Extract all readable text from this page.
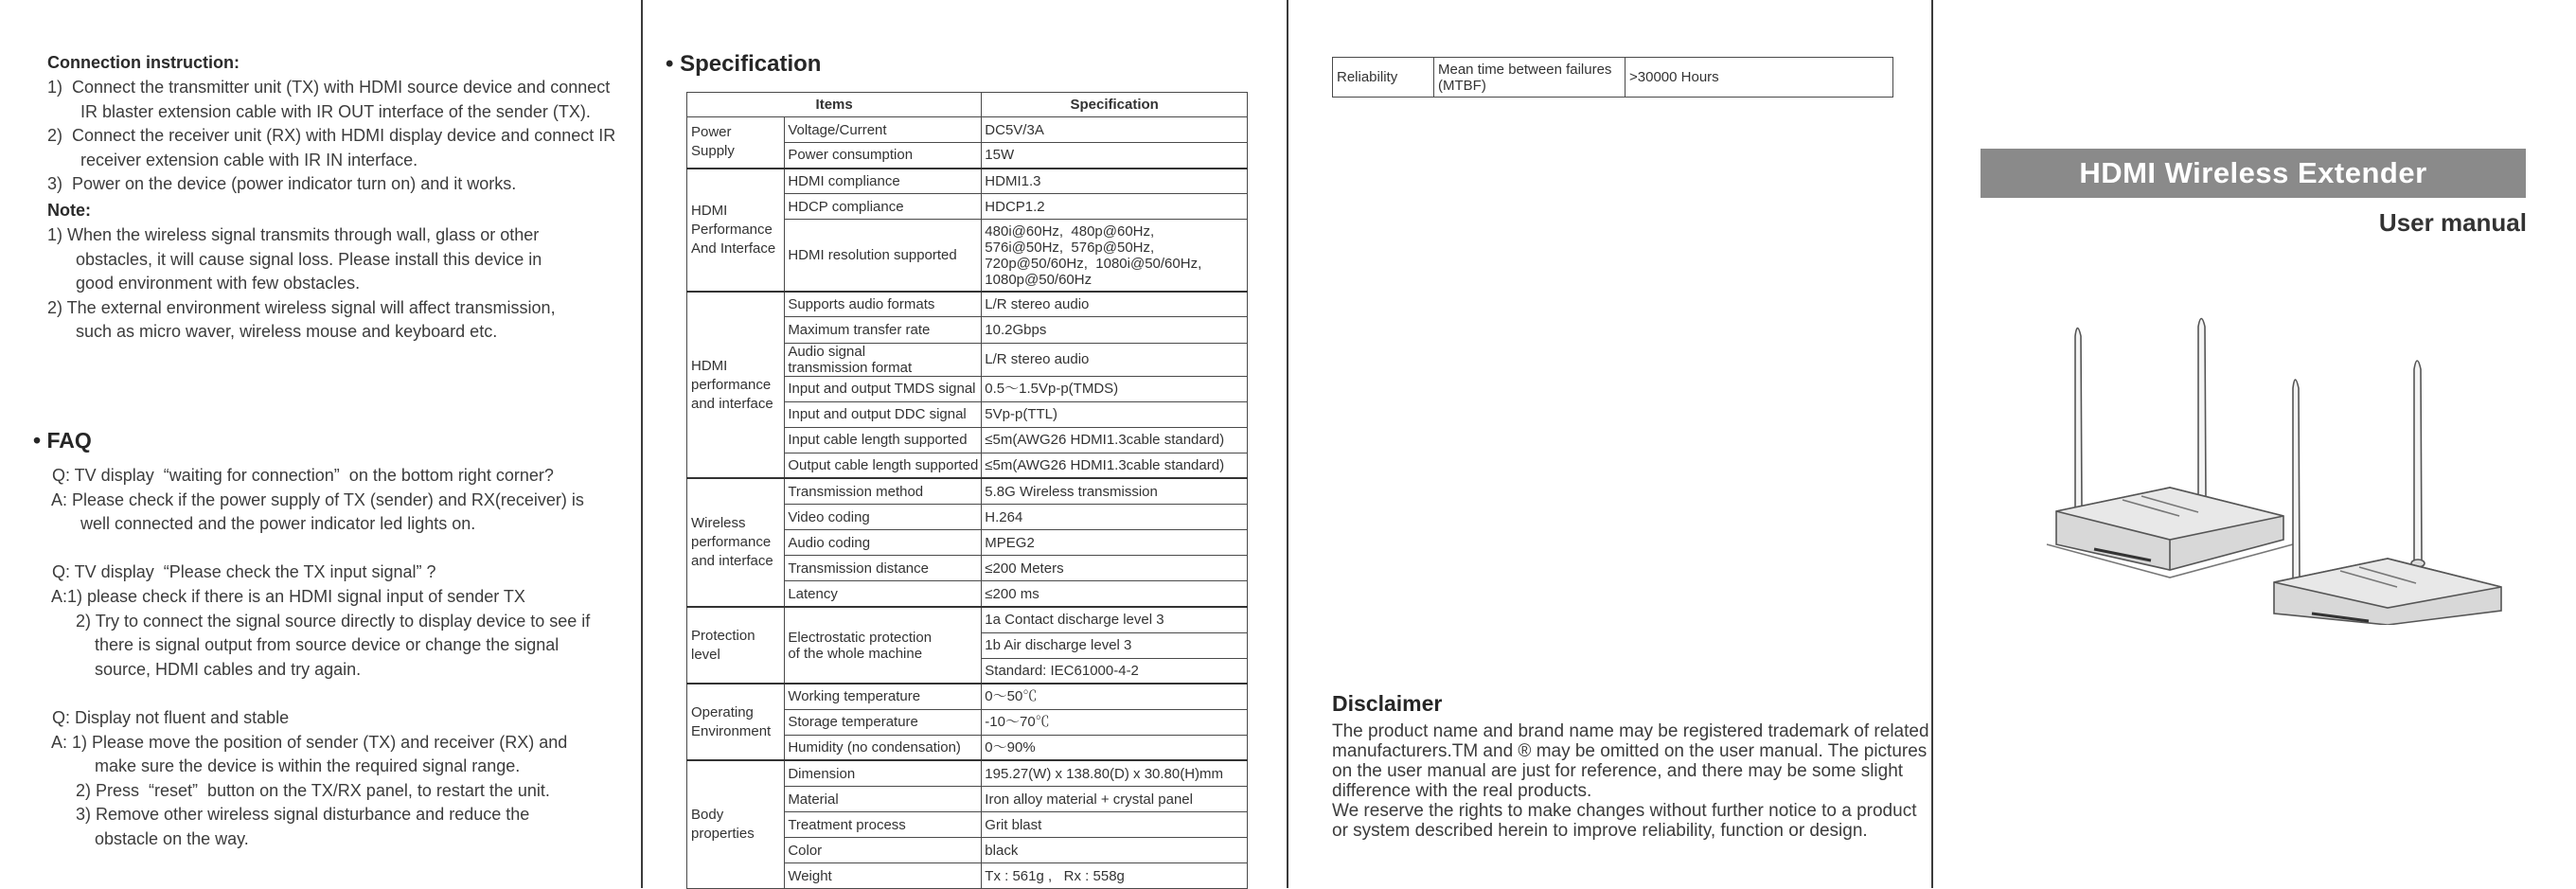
Connection instruction:
1)  Connect the transmitter unit (TX) with HDMI source device and connect
IR blaster extension cable with IR OUT interface of the sender (TX).
2)  Connect the receiver unit (RX) with HDMI display device and connect IR
receiver extension cable with IR IN interface.
3)  Power on the device (power indicator turn on) and it works.
Note:
1) When the wireless signal transmits through wall, glass or other
obstacles, it will cause signal loss. Please install this device in
good environment with few obstacles.
2) The external environment wireless signal will affect transmission,
such as micro waver, wireless mouse and keyboard etc.
• FAQ
Q: TV display  “waiting for connection”  on the bottom right corner?
A: Please check if the power supply of TX (sender) and RX(receiver) is
well connected and the power indicator led lights on.
Q: TV display  “Please check the TX input signal” ?
A:1) please check if there is an HDMI signal input of sender TX
2) Try to connect the signal source directly to display device to see if
there is signal output from source device or change the signal
source, HDMI cables and try again.
Q: Display not fluent and stable
A: 1) Please move the position of sender (TX) and receiver (RX) and
make sure the device is within the required signal range.
2) Press  “reset”  button on the TX/RX panel, to restart the unit.
3) Remove other wireless signal disturbance and reduce the
obstacle on the way.
• Specification
Items		Specification
Power
Supply	Voltage/Current	DC5V/3A
	Power consumption	15W
HDMI
Performance
And Interface	HDMI compliance	HDMI1.3
	HDCP compliance	HDCP1.2
	HDMI resolution supported	480i@60Hz,  480p@60Hz,
576i@50Hz,  576p@50Hz,
720p@50/60Hz,  1080i@50/60Hz,
1080p@50/60Hz
HDMI
performance
and interface	Supports audio formats	L/R stereo audio
	Maximum transfer rate	10.2Gbps
	Audio signal
transmission format	L/R stereo audio
	Input and output TMDS signal	0.5～1.5Vp-p(TMDS)
	Input and output DDC signal	5Vp-p(TTL)
	Input cable length supported	≤5m(AWG26 HDMI1.3cable standard)
	Output cable length supported	≤5m(AWG26 HDMI1.3cable standard)
Wireless
performance
and interface	Transmission method	5.8G Wireless transmission
	Video coding	H.264
	Audio coding	MPEG2
	Transmission distance	≤200 Meters
	Latency	≤200 ms
Protection
level	Electrostatic protection
of the whole machine	1a Contact discharge level 3
		1b Air discharge level 3
		Standard: IEC61000-4-2
Operating
Environment	Working temperature	0～50℃
	Storage temperature	-10～70℃
	Humidity (no condensation)	0～90%
Body
properties	Dimension	195.27(W) x 138.80(D) x 30.80(H)mm
	Material	Iron alloy material + crystal panel
	Treatment process	Grit blast
	Color	black
	Weight	Tx : 561g ,   Rx : 558g
Reliability	Mean time between failures
(MTBF)	>30000 Hours
Disclaimer
The product name and brand name may be registered trademark of related
manufacturers.TM and ® may be omitted on the user manual. The pictures
on the user manual are just for reference, and there may be some slight
difference with the real products.
We reserve the rights to make changes without further notice to a product
or system described herein to improve reliability, function or design.
HDMI Wireless Extender
User manual
